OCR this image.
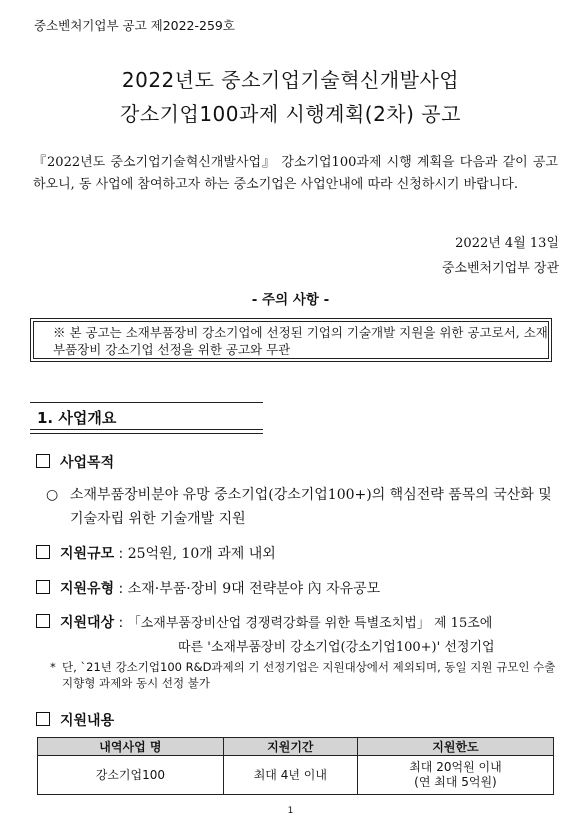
중소벤처기업부 공고 제2022-259호
2022년도 중소기업기술혁신개발사업
강소기업100과제 시행계획(2차) 공고
『2022년도 중소기업기술혁신개발사업』 강소기업100과제 시행 계획을 다음과 같이 공고하오니, 동 사업에 참여하고자 하는 중소기업은 사업안내에 따라 신청하시기 바랍니다.
2022년 4월 13일
중소벤처기업부 장관
- 주의 사항 -
※ 본 공고는 소재부품장비 강소기업에 선정된 기업의 기술개발 지원을 위한 공고로서, 소재부품장비 강소기업 선정을 위한 공고와 무관
1. 사업개요
사업목적
○ 소재부품장비분야 유망 중소기업(강소기업100+)의 핵심전략 품목의 국산화 및 기술자립 위한 기술개발 지원
지원규모 : 25억원, 10개 과제 내외
지원유형 : 소재·부품·장비 9대 전략분야 內 자유공모
지원대상 : 「소재부품장비산업 경쟁력강화를 위한 특별조치법」 제 15조에
따른 '소재부품장비 강소기업(강소기업100+)' 선정기업
* 단, `21년 강소기업100 R&D과제의 기 선정기업은 지원대상에서 제외되며, 동일 지원 규모인 수출지향형 과제와 동시 선정 불가
지원내용
내역사업 명	지원기간	지원한도
강소기업100	최대 4년 이내	최대 20억원 이내
(연 최대 5억원)
1
